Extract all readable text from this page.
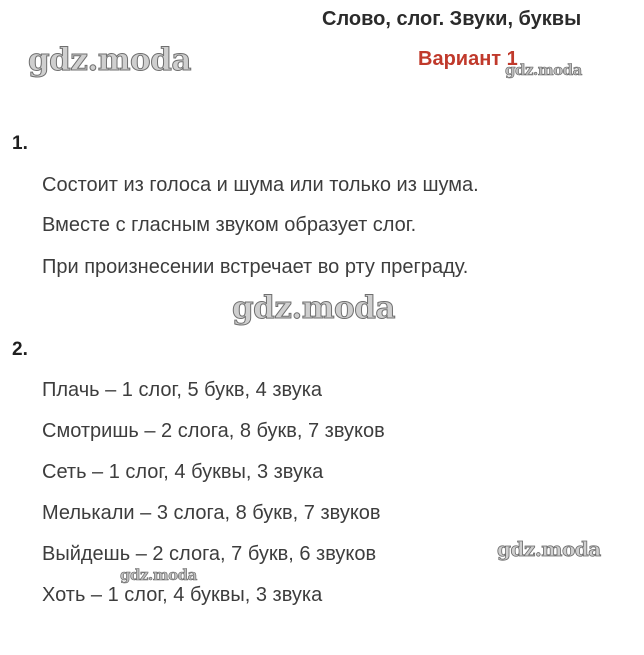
Слово, слог. Звуки, буквы
Вариант 1
gdz.moda	gdz.moda
gdz.moda
gdz.moda
gdz.moda
1.
Состоит из голоса и шума или только из шума.
Вместе с гласным звуком образует слог.
При произнесении встречает во рту преграду.
2.
Плачь – 1 слог, 5 букв, 4 звука
Смотришь – 2 слога, 8 букв, 7 звуков
Сеть – 1 слог, 4 буквы, 3 звука
Мелькали – 3 слога, 8 букв, 7 звуков
Выйдешь – 2 слога, 7 букв, 6 звуков
Хоть – 1 слог, 4 буквы, 3 звука
